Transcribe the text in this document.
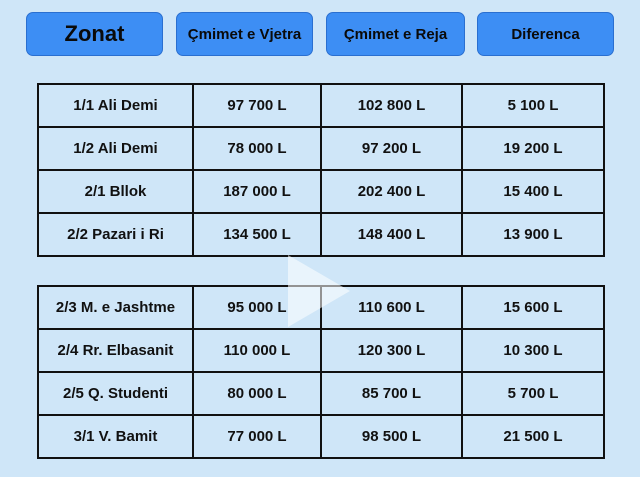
Zonat	Çmimet e Vjetra	Çmimet e Reja	Diferenca
1/1 Ali Demi	97 700 L	102 800 L	5 100 L
1/2 Ali Demi	78 000 L	97 200 L	19 200 L
2/1 Bllok	187 000 L	202 400 L	15 400 L
2/2 Pazari i Ri	134 500 L	148 400 L	13 900 L
2/3 M. e Jashtme	95 000 L	110 600 L	15 600 L
2/4 Rr. Elbasanit	110 000 L	120 300 L	10 300 L
2/5 Q. Studenti	80 000 L	85 700 L	5 700 L
3/1 V. Bamit	77 000 L	98 500 L	21 500 L
